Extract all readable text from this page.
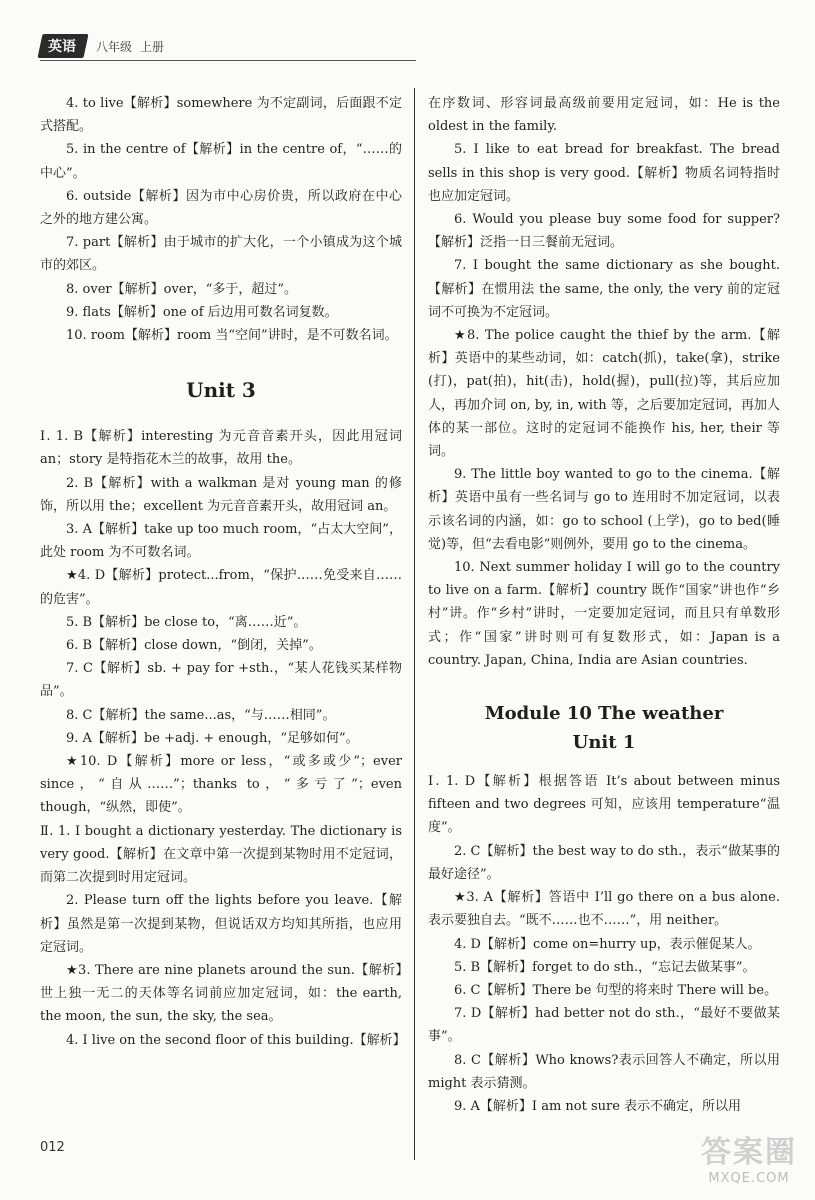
英语	八年级 上册

4. to live【解析】somewhere 为不定副词，后面跟不定式搭配。

5. in the centre of【解析】in the centre of，“……的中心”。

6. outside【解析】因为市中心房价贵，所以政府在中心之外的地方建公寓。

7. part【解析】由于城市的扩大化，一个小镇成为这个城市的郊区。

8. over【解析】over，“多于，超过”。

9. flats【解析】one of 后边用可数名词复数。

10. room【解析】room 当“空间”讲时，是不可数名词。

Unit 3

Ⅰ. 1. B【解析】interesting 为元音音素开头，因此用冠词 an；story 是特指花木兰的故事，故用 the。

2. B【解析】with a walkman 是对 young man 的修饰，所以用 the；excellent 为元音音素开头，故用冠词 an。

3. A【解析】take up too much room，“占太大空间”，此处 room 为不可数名词。

★4. D【解析】protect...from，“保护……免受来自……的危害”。

5. B【解析】be close to，“离……近”。

6. B【解析】close down，“倒闭，关掉”。

7. C【解析】sb. + pay for +sth.，“某人花钱买某样物品”。

8. C【解析】the same...as，“与……相同”。

9. A【解析】be +adj. + enough，“足够如何”。

★10. D【解析】more or less，“或多或少”；ever since，“自从……”；thanks to，“多亏了”；even though，“纵然，即使”。

Ⅱ. 1. I bought a dictionary yesterday. The dictionary is very good.【解析】在文章中第一次提到某物时用不定冠词，而第二次提到时用定冠词。

2. Please turn off the lights before you leave.【解析】虽然是第一次提到某物，但说话双方均知其所指，也应用定冠词。

★3. There are nine planets around the sun.【解析】世上独一无二的天体等名词前应加定冠词，如：the earth, the moon, the sun, the sky, the sea。

4. I live on the second floor of this building.【解析】

在序数词、形容词最高级前要用定冠词，如：He is the oldest in the family.

5. I like to eat bread for breakfast. The bread sells in this shop is very good.【解析】物质名词特指时也应加定冠词。

6. Would you please buy some food for supper?【解析】泛指一日三餐前无冠词。

7. I bought the same dictionary as she bought.【解析】在惯用法 the same, the only, the very 前的定冠词不可换为不定冠词。

★8. The police caught the thief by the arm.【解析】英语中的某些动词，如：catch(抓)，take(拿)，strike (打)，pat(拍)，hit(击)，hold(握)，pull(拉)等，其后应加人，再加介词 on, by, in, with 等，之后要加定冠词，再加人体的某一部位。这时的定冠词不能换作 his, her, their 等词。

9. The little boy wanted to go to the cinema.【解析】英语中虽有一些名词与 go to 连用时不加定冠词，以表示该名词的内涵，如：go to school (上学)，go to bed(睡觉)等，但“去看电影”则例外，要用 go to the cinema。

10. Next summer holiday I will go to the country to live on a farm.【解析】country 既作“国家”讲也作“乡村”讲。作“乡村”讲时，一定要加定冠词，而且只有单数形式；作“国家”讲时则可有复数形式，如：Japan is a country. Japan, China, India are Asian countries.

Module 10 The weather
Unit 1

Ⅰ. 1. D【解析】根据答语 It’s about between minus fifteen and two degrees 可知，应该用 temperature“温度”。

2. C【解析】the best way to do sth.，表示“做某事的最好途径”。

★3. A【解析】答语中 I’ll go there on a bus alone. 表示要独自去。“既不……也不……”，用 neither。

4. D【解析】come on=hurry up，表示催促某人。

5. B【解析】forget to do sth.，“忘记去做某事”。

6. C【解析】There be 句型的将来时 There will be。

7. D【解析】had better not do sth.，“最好不要做某事”。

8. C【解析】Who knows?表示回答人不确定，所以用 might 表示猜测。

9. A【解析】I am not sure 表示不确定，所以用

012	答案圈
MXQE.COM
